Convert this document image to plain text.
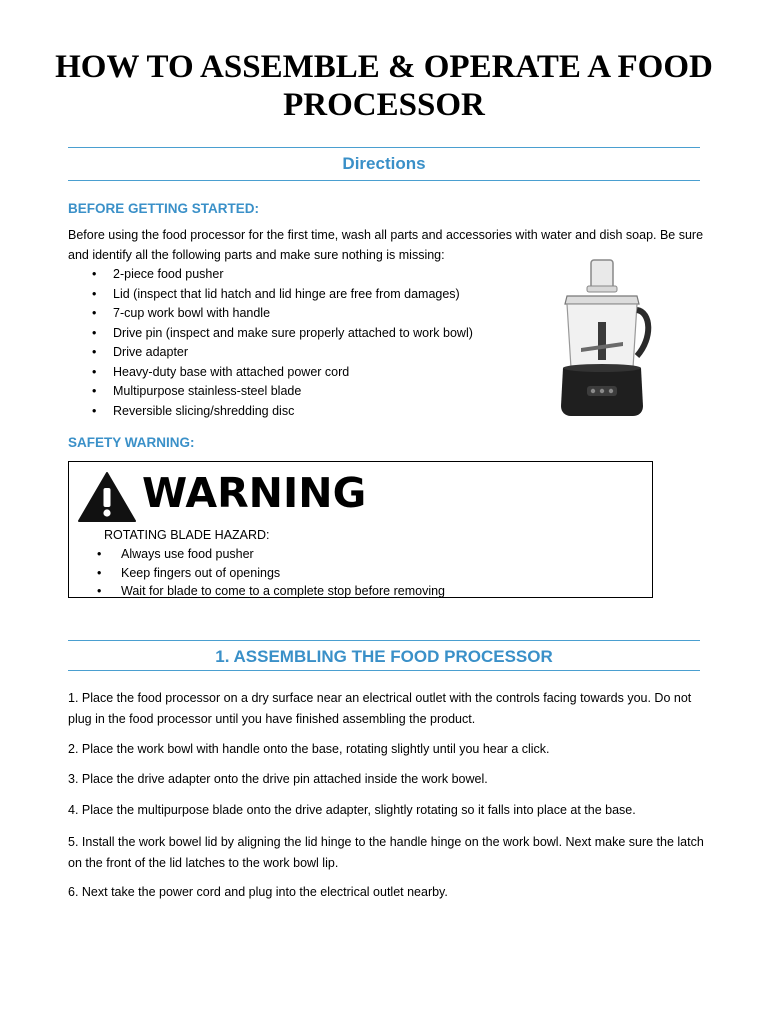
HOW TO ASSEMBLE & OPERATE A FOOD PROCESSOR
Directions
BEFORE GETTING STARTED:

Before using the food processor for the first time, wash all parts and accessories with water and dish soap. Be sure and identify all the following parts and make sure nothing is missing:

• 2-piece food pusher
• Lid (inspect that lid hatch and lid hinge are free from damages)
• 7-cup work bowl with handle
• Drive pin (inspect and make sure properly attached to work bowl)
• Drive adapter
• Heavy-duty base with attached power cord
• Multipurpose stainless-steel blade
• Reversible slicing/shredding disc
SAFETY WARNING:
WARNING

ROTATING BLADE HAZARD:

• Always use food pusher
• Keep fingers out of openings
• Wait for blade to come to a complete stop before removing
1. ASSEMBLING THE FOOD PROCESSOR

1. Place the food processor on a dry surface near an electrical outlet with the controls facing towards you. Do not plug in the food processor until you have finished assembling the product.

2. Place the work bowl with handle onto the base, rotating slightly until you hear a click.

3. Place the drive adapter onto the drive pin attached inside the work bowel.

4. Place the multipurpose blade onto the drive adapter, slightly rotating so it falls into place at the base.

5. Install the work bowel lid by aligning the lid hinge to the handle hinge on the work bowl. Next make sure the latch on the front of the lid latches to the work bowl lip.

6. Next take the power cord and plug into the electrical outlet nearby.
